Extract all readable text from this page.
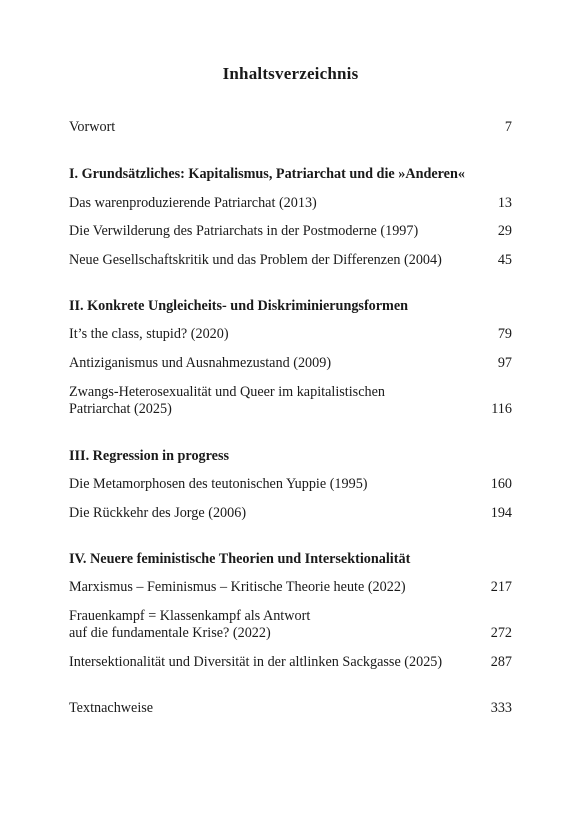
Inhaltsverzeichnis
Vorwort	7
I. Grundsätzliches: Kapitalismus, Patriarchat und die »Anderen«
Das warenproduzierende Patriarchat (2013)	13
Die Verwilderung des Patriarchats in der Postmoderne (1997)	29
Neue Gesellschaftskritik und das Problem der Differenzen (2004)	45
II. Konkrete Ungleicheits- und Diskriminierungsformen
It’s the class, stupid? (2020)	79
Antiziganismus und Ausnahmezustand (2009)	97
Zwangs-Heterosexualität und Queer im kapitalistischen
Patriarchat (2025)	116
III. Regression in progress
Die Metamorphosen des teutonischen Yuppie (1995)	160
Die Rückkehr des Jorge (2006)	194
IV. Neuere feministische Theorien und Intersektionalität
Marxismus – Feminismus – Kritische Theorie heute (2022)	217
Frauenkampf = Klassenkampf als Antwort
auf die fundamentale Krise? (2022)	272
Intersektionalität und Diversität in der altlinken Sackgasse (2025)	287
Textnachweise	333
